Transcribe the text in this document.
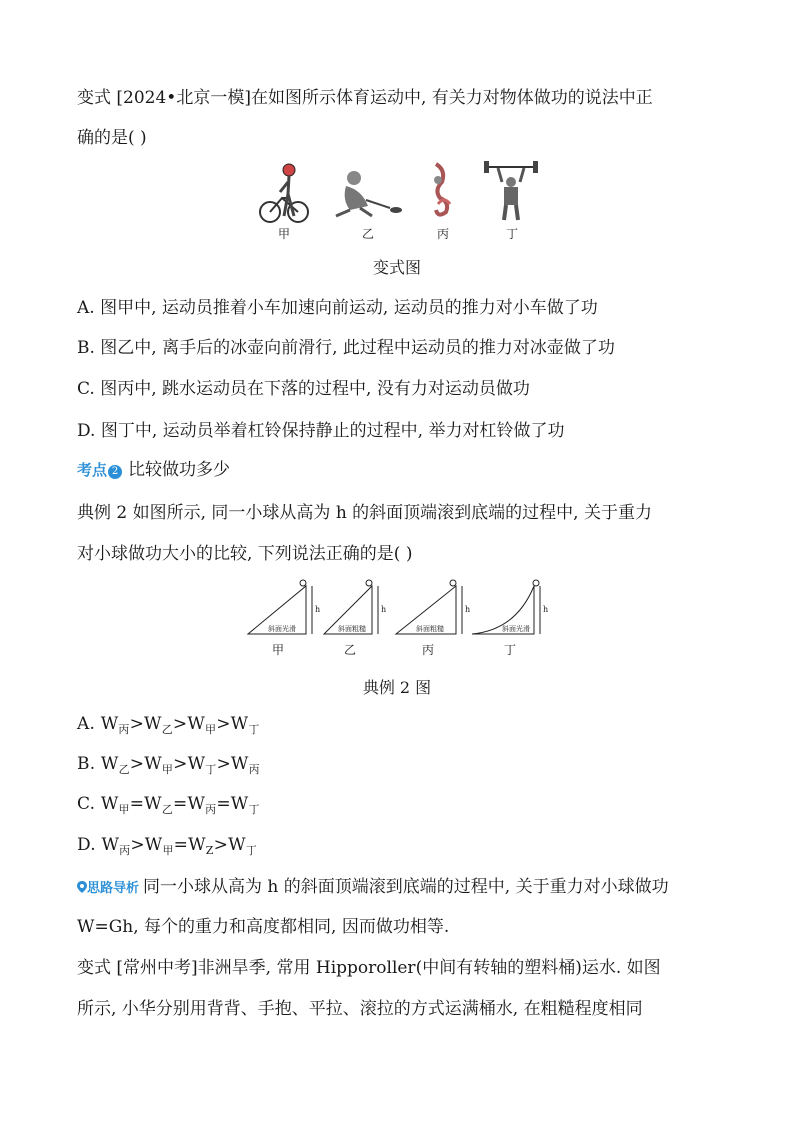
变式 [2024•北京一模]在如图所示体育运动中, 有关力对物体做功的说法中正
确的是( )
甲	乙	丙	丁
变式图
A. 图甲中, 运动员推着小车加速向前运动, 运动员的推力对小车做了功
B. 图乙中, 离手后的冰壶向前滑行, 此过程中运动员的推力对冰壶做了功
C. 图丙中, 跳水运动员在下落的过程中, 没有力对运动员做功
D. 图丁中, 运动员举着杠铃保持静止的过程中, 举力对杠铃做了功
考点 2 比较做功多少
典例 2 如图所示, 同一小球从高为 h 的斜面顶端滚到底端的过程中, 关于重力
对小球做功大小的比较, 下列说法正确的是( )
h	h	h	h
斜面光滑	斜面粗糙	斜面粗糙	斜面光滑
甲	乙	丙	丁
典例 2 图
A. $W_丙>W_乙>W_甲>W_丁$
B. $W_乙>W_甲>W_丁>W_丙$
C. $W_甲=W_乙=W_丙=W_丁$
D. $W_丙>W_甲=W_Z>W_丁$
思路导析 同一小球从高为 h 的斜面顶端滚到底端的过程中, 关于重力对小球做功
W=Gh, 每个的重力和高度都相同, 因而做功相等.
变式 [常州中考]非洲旱季, 常用 Hipporoller(中间有转轴的塑料桶)运水. 如图
所示, 小华分别用背背、手抱、平拉、滚拉的方式运满桶水, 在粗糙程度相同
